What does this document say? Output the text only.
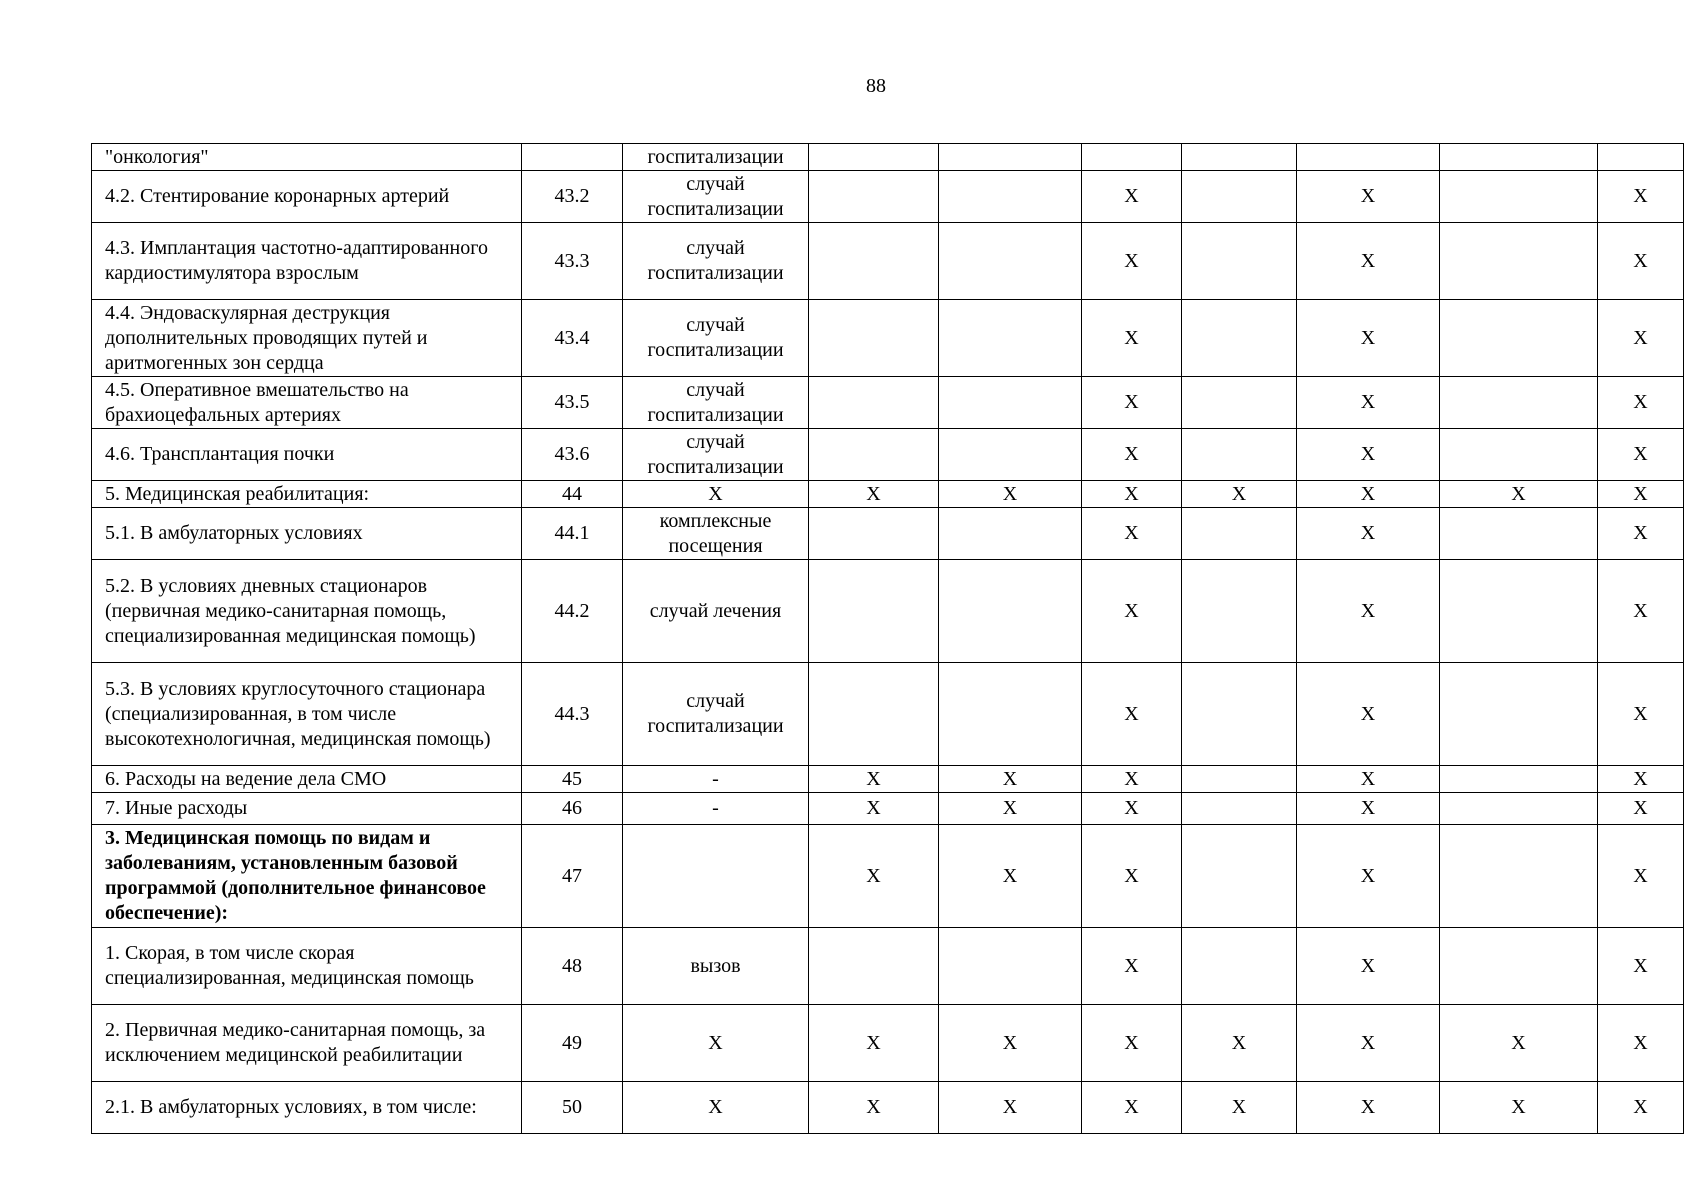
88
"онкология"		госпитализации							
4.2. Стентирование коронарных артерий	43.2	случай госпитализации			X		X		X
4.3. Имплантация частотно-адаптированного кардиостимулятора взрослым	43.3	случай госпитализации			X		X		X
4.4. Эндоваскулярная деструкция дополнительных проводящих путей и аритмогенных зон сердца	43.4	случай госпитализации			X		X		X
4.5. Оперативное вмешательство на брахиоцефальных артериях	43.5	случай госпитализации			X		X		X
4.6. Трансплантация почки	43.6	случай госпитализации			X		X		X
5. Медицинская реабилитация:	44	X	X	X	X	X	X	X	X
5.1. В амбулаторных условиях	44.1	комплексные посещения			X		X		X
5.2. В условиях дневных стационаров (первичная медико-санитарная помощь, специализированная медицинская помощь)	44.2	случай лечения			X		X		X
5.3. В условиях круглосуточного стационара (специализированная, в том числе высокотехнологичная, медицинская помощь)	44.3	случай госпитализации			X		X		X
6. Расходы на ведение дела СМО	45	-	X	X	X		X		X
7. Иные расходы	46	-	X	X	X		X		X
3. Медицинская помощь по видам и заболеваниям, установленным базовой программой (дополнительное финансовое обеспечение):	47		X	X	X		X		X
1. Скорая, в том числе скорая специализированная, медицинская помощь	48	вызов			X		X		X
2. Первичная медико-санитарная помощь, за исключением медицинской реабилитации	49	X	X	X	X	X	X	X	X
2.1. В амбулаторных условиях, в том числе:	50	X	X	X	X	X	X	X	X
